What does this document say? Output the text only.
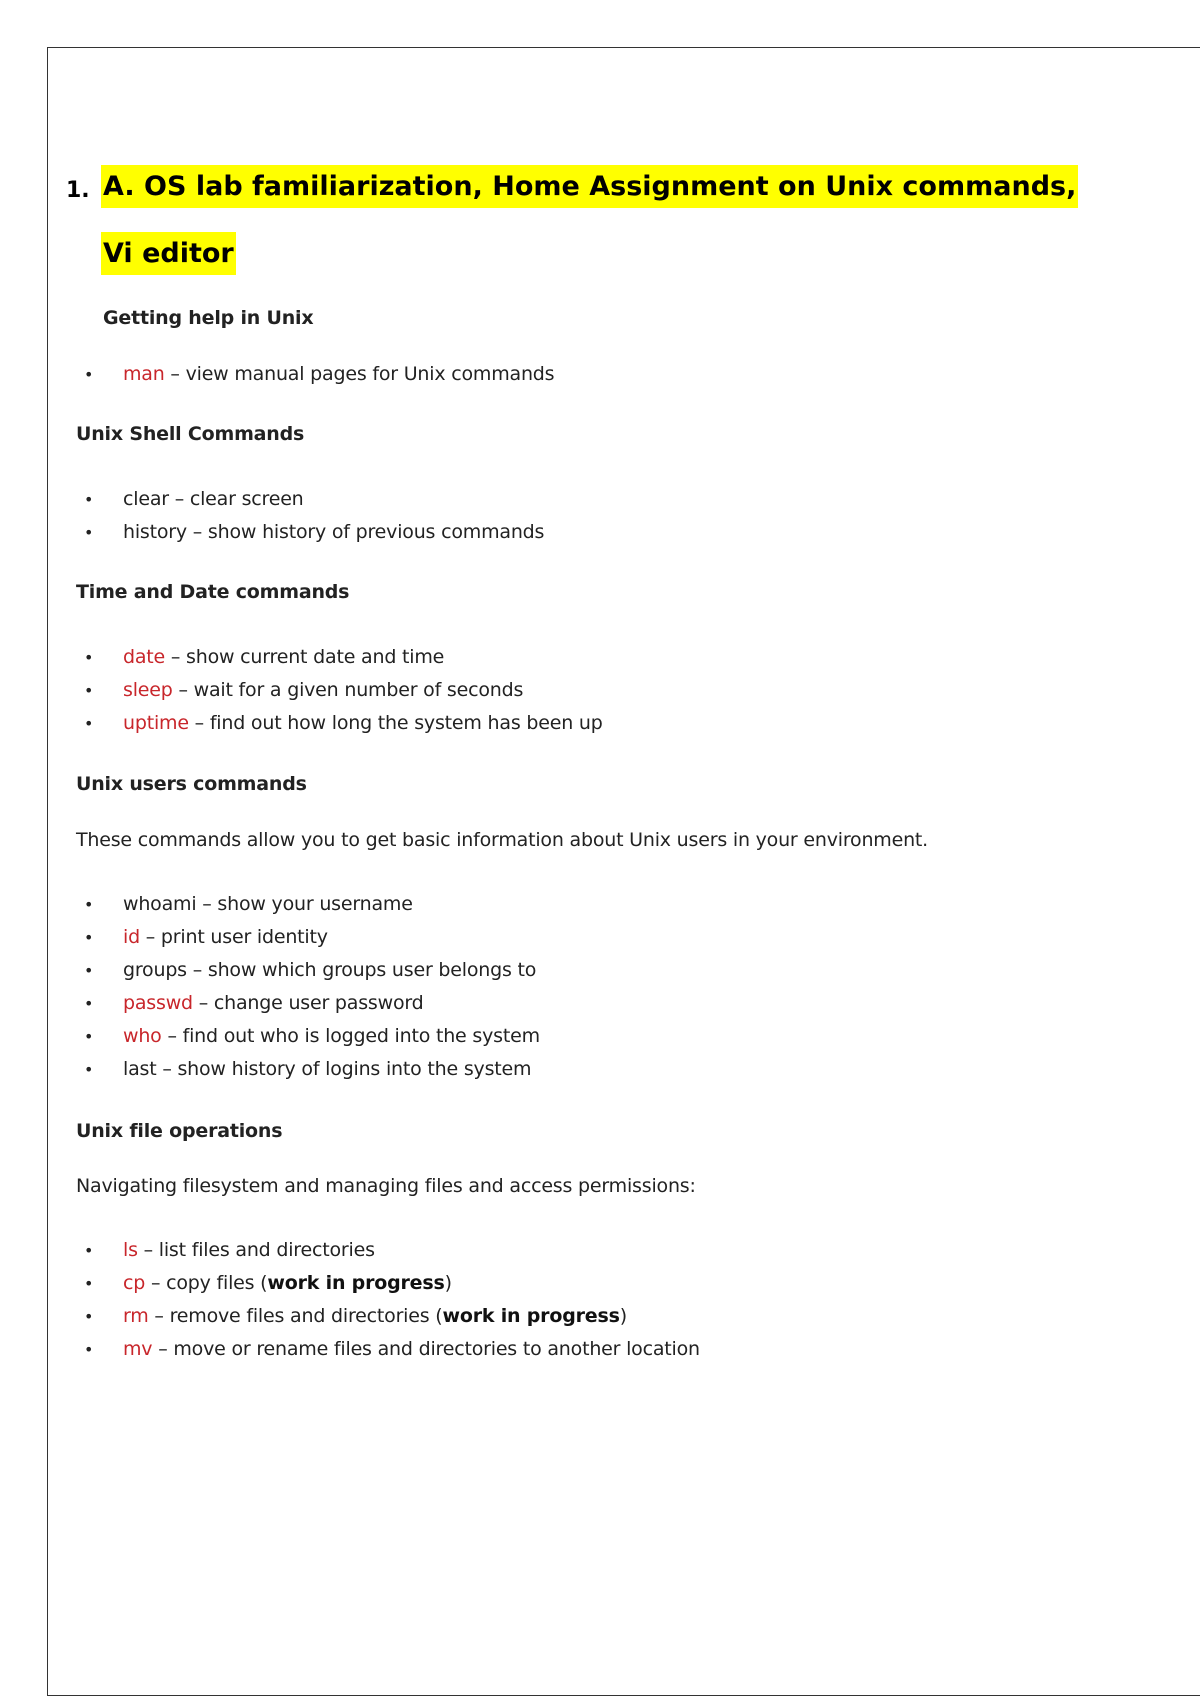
1. A. OS lab familiarization, Home Assignment on Unix commands,
Vi editor
Getting help in Unix
• man – view manual pages for Unix commands
Unix Shell Commands
• clear – clear screen
• history – show history of previous commands
Time and Date commands
• date – show current date and time
• sleep – wait for a given number of seconds
• uptime – find out how long the system has been up
Unix users commands
These commands allow you to get basic information about Unix users in your environment.
• whoami – show your username
• id – print user identity
• groups – show which groups user belongs to
• passwd – change user password
• who – find out who is logged into the system
• last – show history of logins into the system
Unix file operations
Navigating filesystem and managing files and access permissions:
• ls – list files and directories
• cp – copy files (work in progress)
• rm – remove files and directories (work in progress)
• mv – move or rename files and directories to another location
